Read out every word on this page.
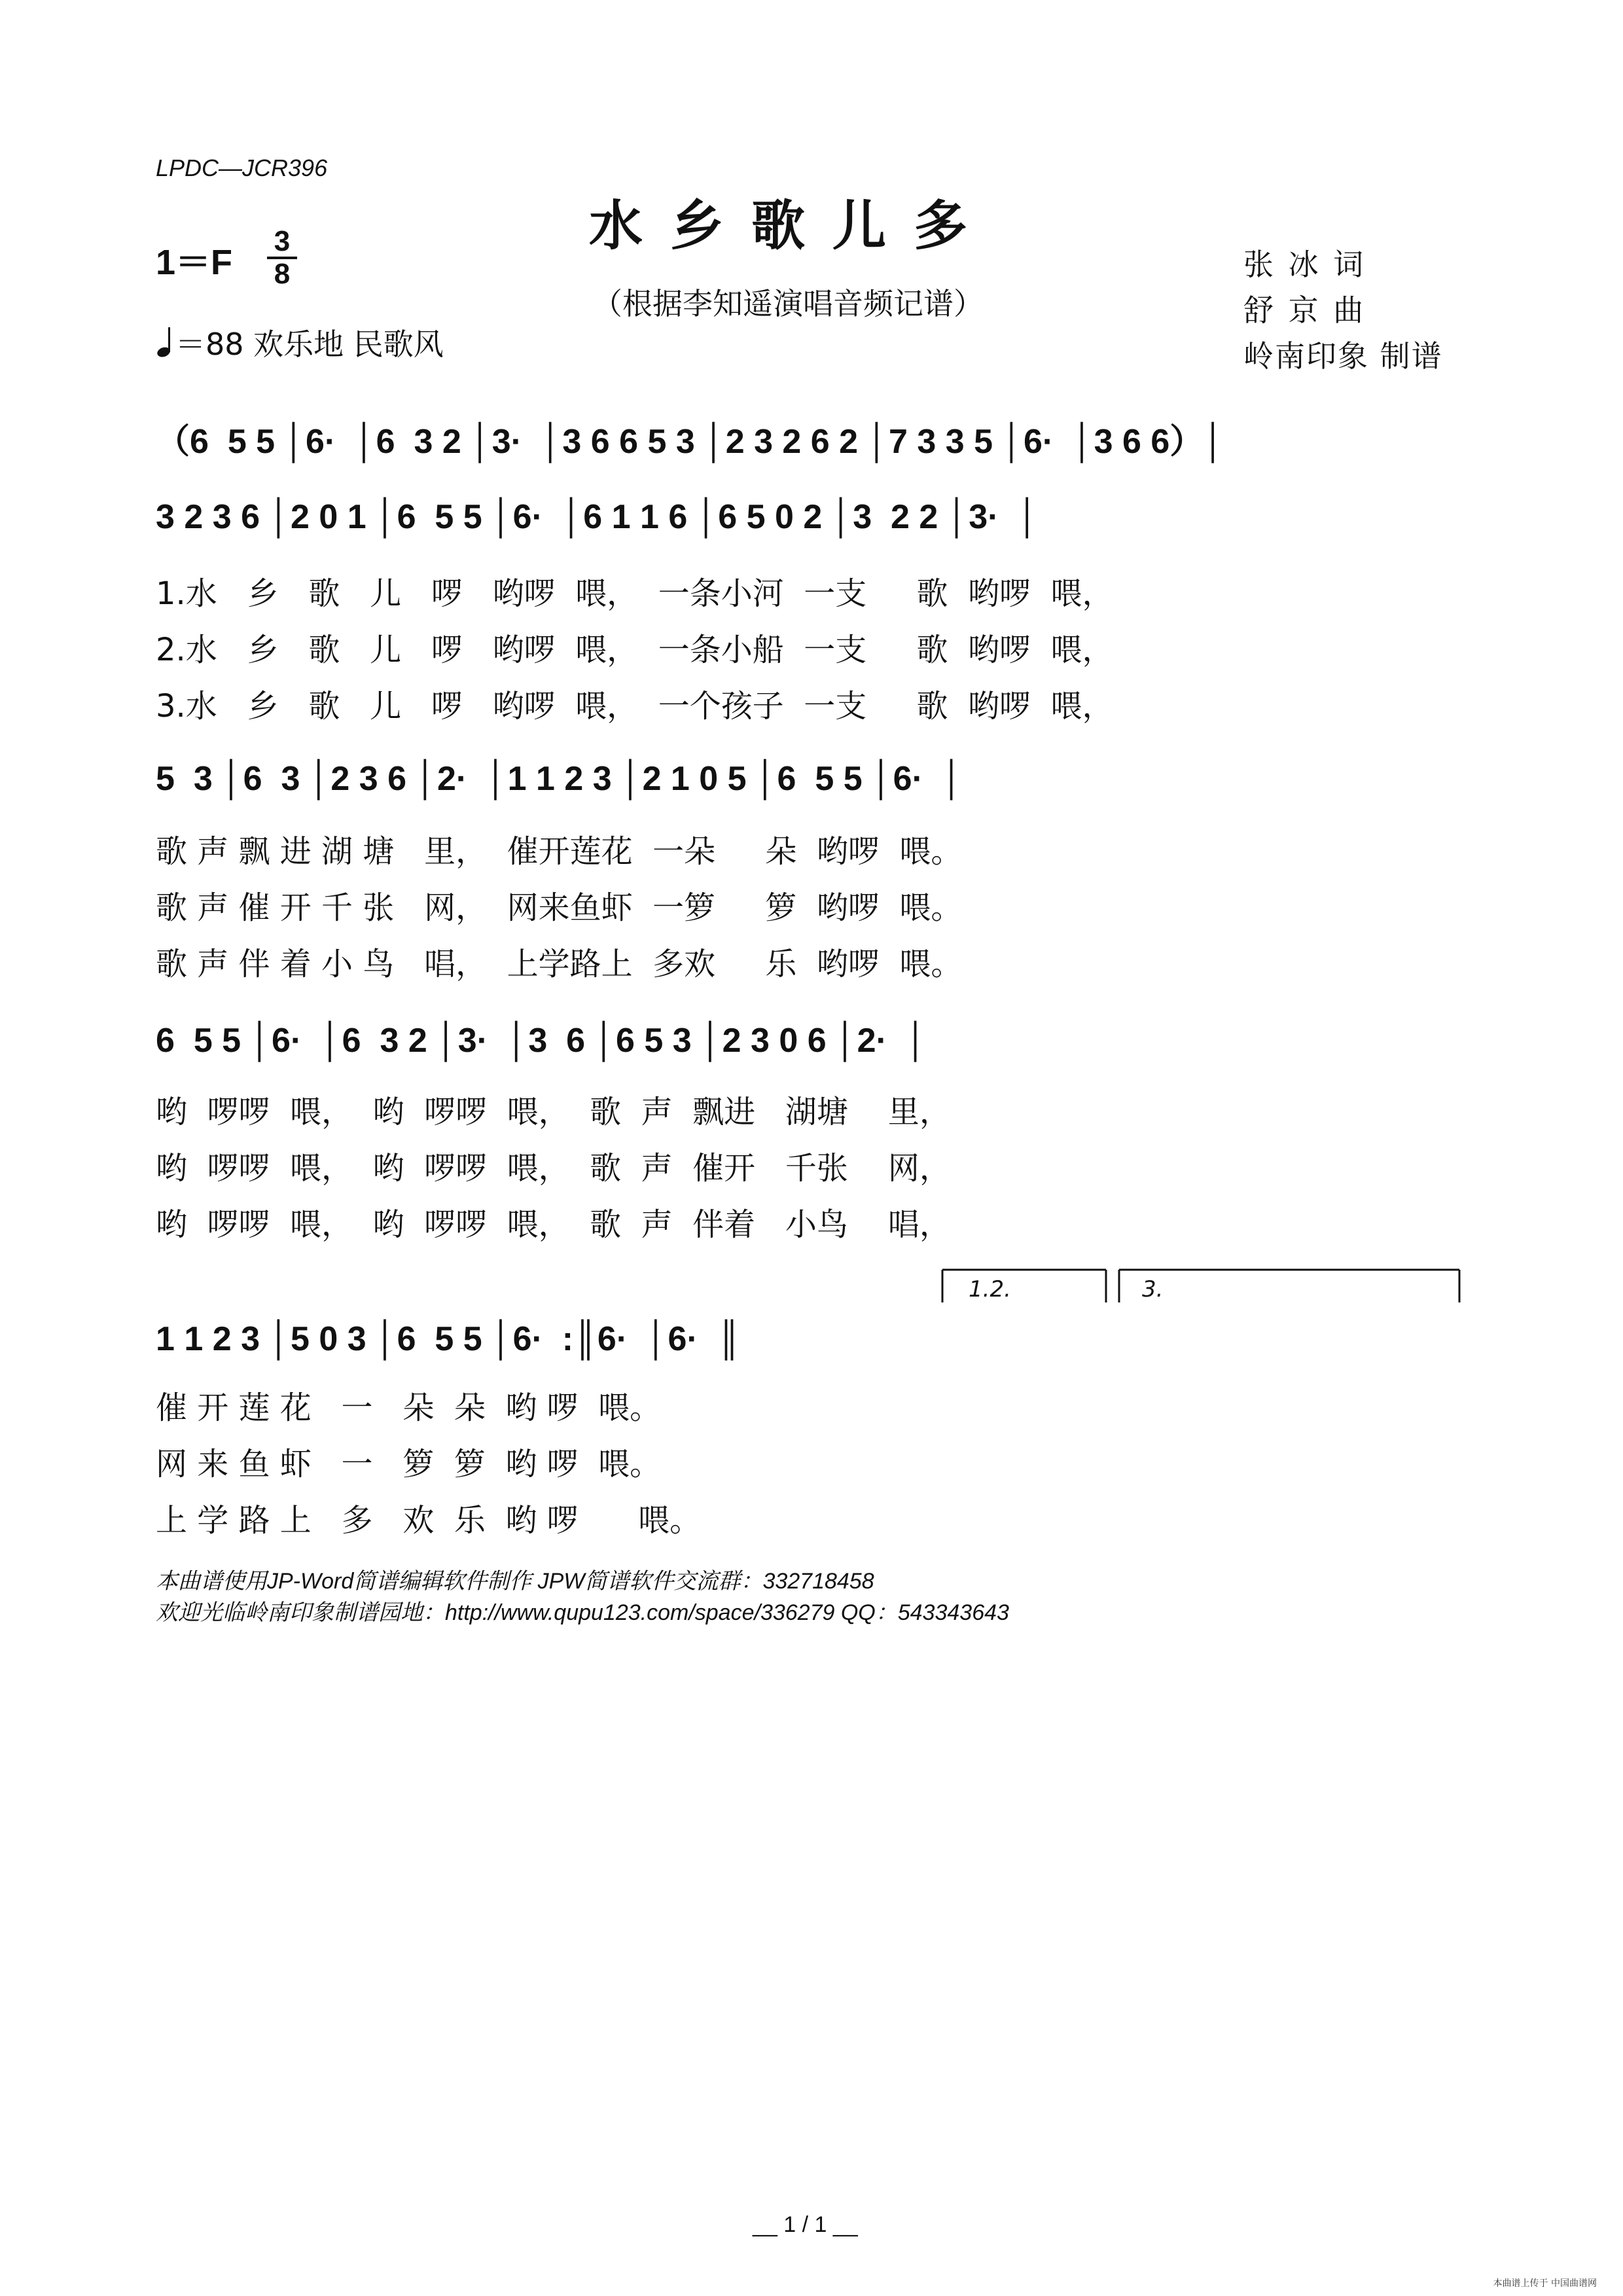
LPDC—JCR396
水乡歌儿多
（根据李知遥演唱音频记谱）
1＝F
3
8
＝88 欢乐地 民歌风
张 冰 词
舒 京 曲
岭南印象 制谱
（6  5 5 │6·  │6  3 2 │3·  │3 6 6 5 3 │2 3 2 6 2 │7 3 3 5 │6·  │3 6 6）│
3 2 3 6 │2 0 1 │6  5 5 │6·  │6 1 1 6 │6 5 0 2 │3  2 2 │3·  │
1.水   乡   歌   儿   啰   哟啰  喂，  一条小河  一支     歌  哟啰  喂，
2.水   乡   歌   儿   啰   哟啰  喂，  一条小船  一支     歌  哟啰  喂，
3.水   乡   歌   儿   啰   哟啰  喂，  一个孩子  一支     歌  哟啰  喂，
5  3 │6  3 │2 3 6 │2·  │1 1 2 3 │2 1 0 5 │6  5 5 │6·  │
歌 声 飘 进 湖 塘   里，  催开莲花  一朵     朵  哟啰  喂。
歌 声 催 开 千 张   网，  网来鱼虾  一箩     箩  哟啰  喂。
歌 声 伴 着 小 鸟   唱，  上学路上  多欢     乐  哟啰  喂。
6  5 5 │6·  │6  3 2 │3·  │3  6 │6 5 3 │2 3 0 6 │2·  │
哟  啰啰  喂，  哟  啰啰  喂，  歌  声  飘进   湖塘    里，
哟  啰啰  喂，  哟  啰啰  喂，  歌  声  催开   千张    网，
哟  啰啰  喂，  哟  啰啰  喂，  歌  声  伴着   小鸟    唱，
1.2.	3.
1 1 2 3 │5 0 3 │6  5 5 │6·  :║6·  │6·  ║
催 开 莲 花   一   朵  朵  哟 啰  喂。
网 来 鱼 虾   一   箩  箩  哟 啰  喂。
上 学 路 上   多   欢  乐  哟 啰      喂。
本曲谱使用JP-Word简谱编辑软件制作 JPW简谱软件交流群：332718458
欢迎光临岭南印象制谱园地：http://www.qupu123.com/space/336279 QQ：543343643
__ 1 / 1 __
本曲谱上传于 中国曲谱网
